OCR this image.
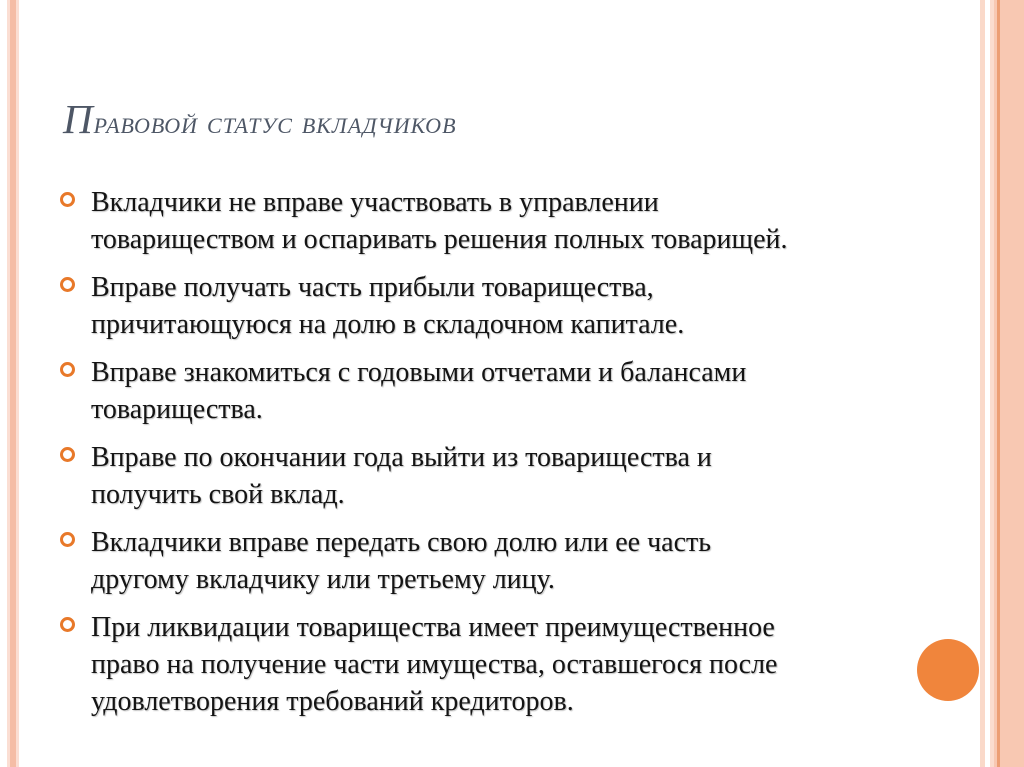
Правовой статус вкладчиков
Вкладчики не вправе участвовать в управлении
товариществом и оспаривать решения полных товарищей.
Вправе получать часть прибыли товарищества,
причитающуюся на долю в складочном капитале.
Вправе знакомиться с годовыми отчетами и балансами
товарищества.
Вправе по окончании года выйти из товарищества и
получить свой вклад.
Вкладчики вправе передать свою долю или ее часть
другому вкладчику или третьему лицу.
При ликвидации товарищества имеет преимущественное
право на получение части имущества, оставшегося после
удовлетворения требований кредиторов.
